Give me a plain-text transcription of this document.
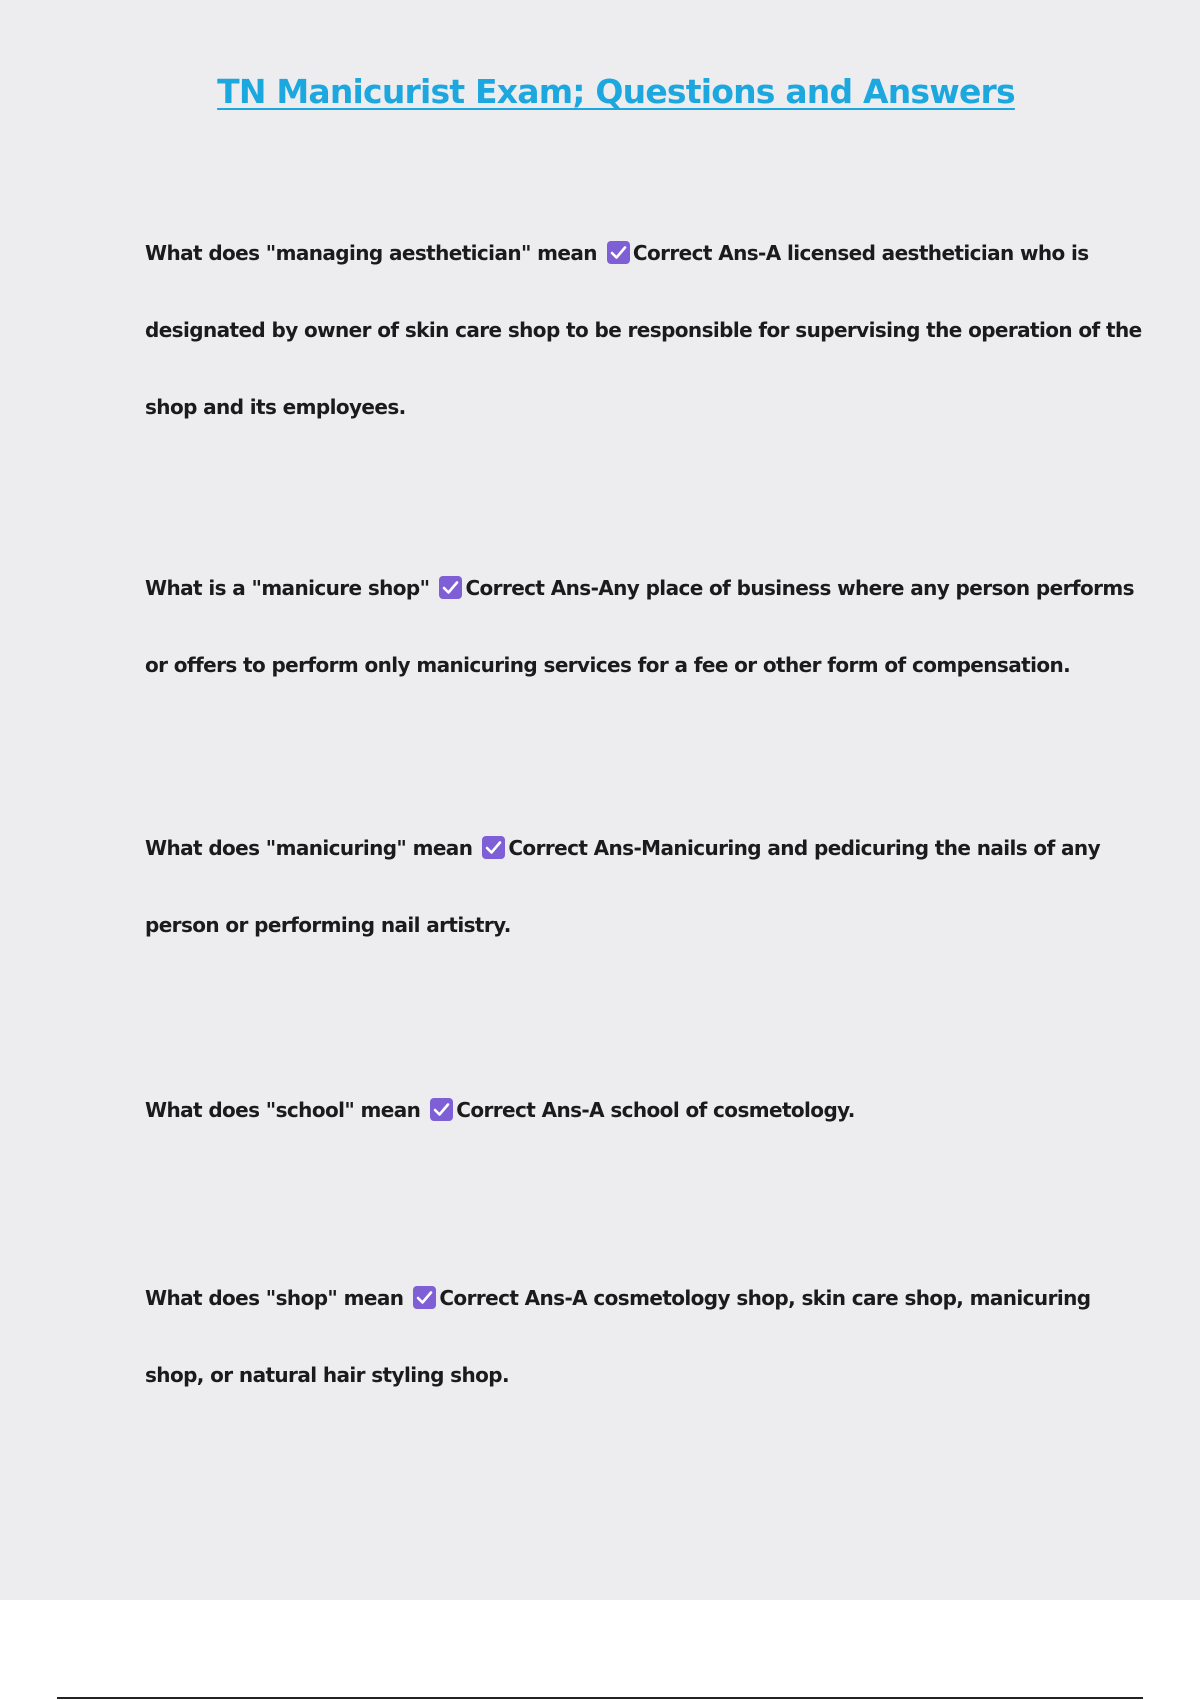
TN Manicurist Exam; Questions and Answers

What does "managing aesthetician" mean Correct Ans-A licensed aesthetician who is
designated by owner of skin care shop to be responsible for supervising the operation of the
shop and its employees.

What is a "manicure shop" Correct Ans-Any place of business where any person performs
or offers to perform only manicuring services for a fee or other form of compensation.

What does "manicuring" mean Correct Ans-Manicuring and pedicuring the nails of any
person or performing nail artistry.

What does "school" mean Correct Ans-A school of cosmetology.

What does "shop" mean Correct Ans-A cosmetology shop, skin care shop, manicuring
shop, or natural hair styling shop.
